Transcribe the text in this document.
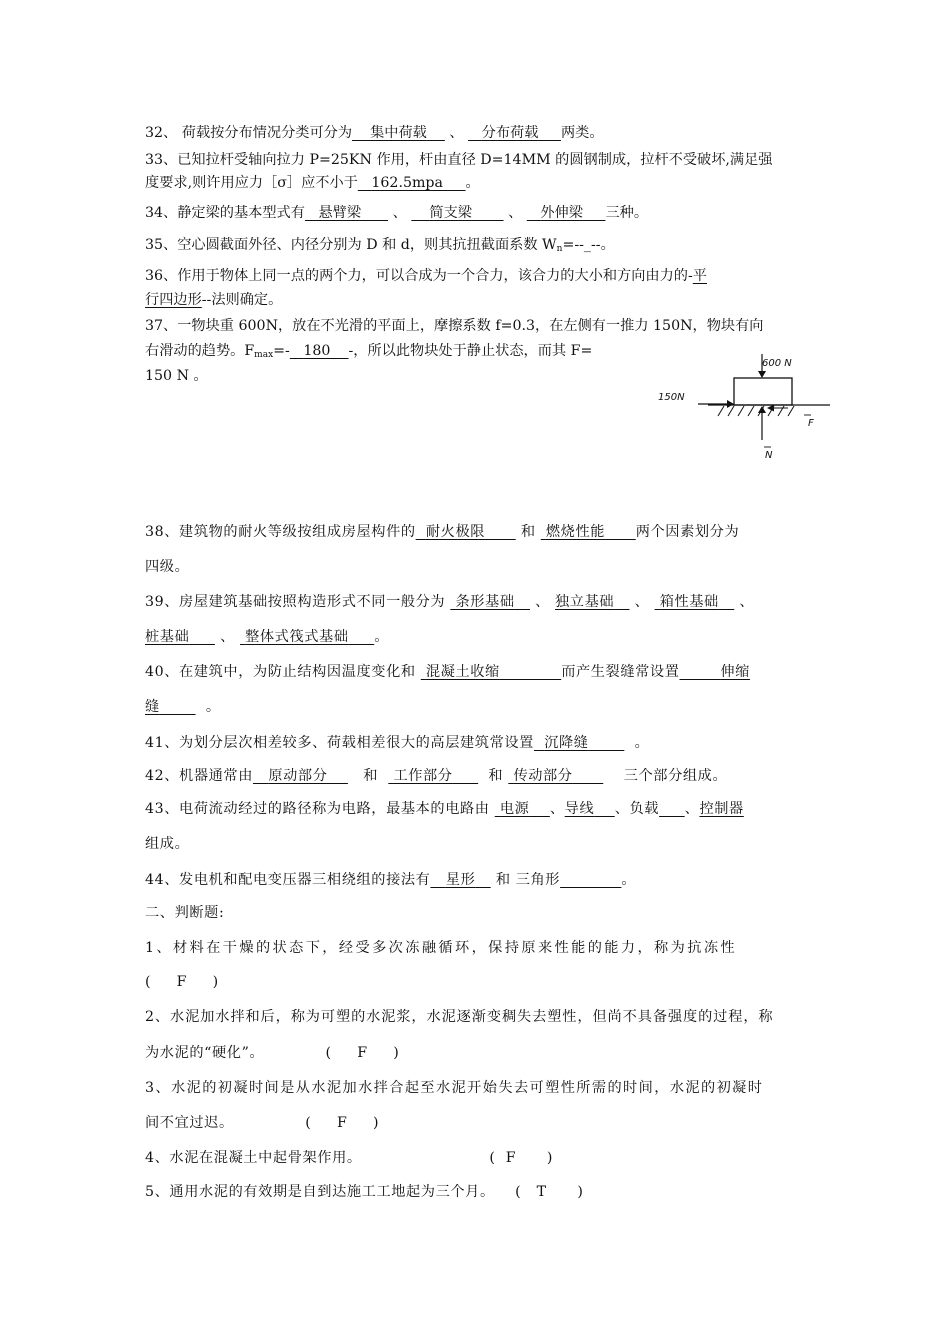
32、 荷载按分布情况分类可分为 集中荷载 、 分布荷载 两类。
33、已知拉杆受轴向拉力 P=25KN 作用，杆由直径 D=14MM 的圆钢制成，拉杆不受破坏,满足强
度要求,则许用应力［σ］应不小于 162.5mpa 。
34、静定梁的基本型式有 悬臂梁 、 简支梁	、 外伸梁 三种。
35、空心圆截面外径、内径分别为 D 和 d，则其抗扭截面系数 $W_n=--\_--$。
36、作用于物体上同一点的两个力，可以合成为一个合力，该合力的大小和方向由力的-平
行四边形--法则确定。
37、一物块重 600N，放在不光滑的平面上，摩擦系数 f=0.3，在左侧有一推力 150N，物块有向
右滑动的趋势。$F_{max}=-$ 180 -，所以此物块处于静止状态，而其 F=
150 N 。
600 N
150N
F
N
38、建筑物的耐火等级按组成房屋构件的 耐火极限	和 燃烧性能 两个因素划分为
四级。
39、房屋建筑基础按照构造形式不同一般分为 条形基础 、 独立基础 、 箱性基础 、
桩基础 、 整体式筏式基础 。
40、在建筑中，为防止结构因温度变化和 混凝土收缩	而产生裂缝常设置	伸缩
缝	。
41、为划分层次相差较多、荷载相差很大的高层建筑常设置 沉降缝	。
42、机器通常由 原动部分	和 工作部分	和 传动部分	三个部分组成。
43、电荷流动经过的路径称为电路，最基本的电路由 电源 、导线 、负载 、控制器
组成。
44、发电机和配电变压器三相绕组的接法有 星形 和 三角形	。
二、判断题:
1、材料在干燥的状态下，经受多次冻融循环，保持原来性能的能力，称为抗冻性
(     F     )
2、水泥加水拌和后，称为可塑的水泥浆，水泥逐渐变稠失去塑性，但尚不具备强度的过程，称
为水泥的“硬化”。            (     F     )
3、水泥的初凝时间是从水泥加水拌合起至水泥开始失去可塑性所需的时间，水泥的初凝时
间不宜过迟。              (     F     )
4、水泥在混凝土中起骨架作用。                         (  F      )
5、通用水泥的有效期是自到达施工工地起为三个月。    (   T      )
